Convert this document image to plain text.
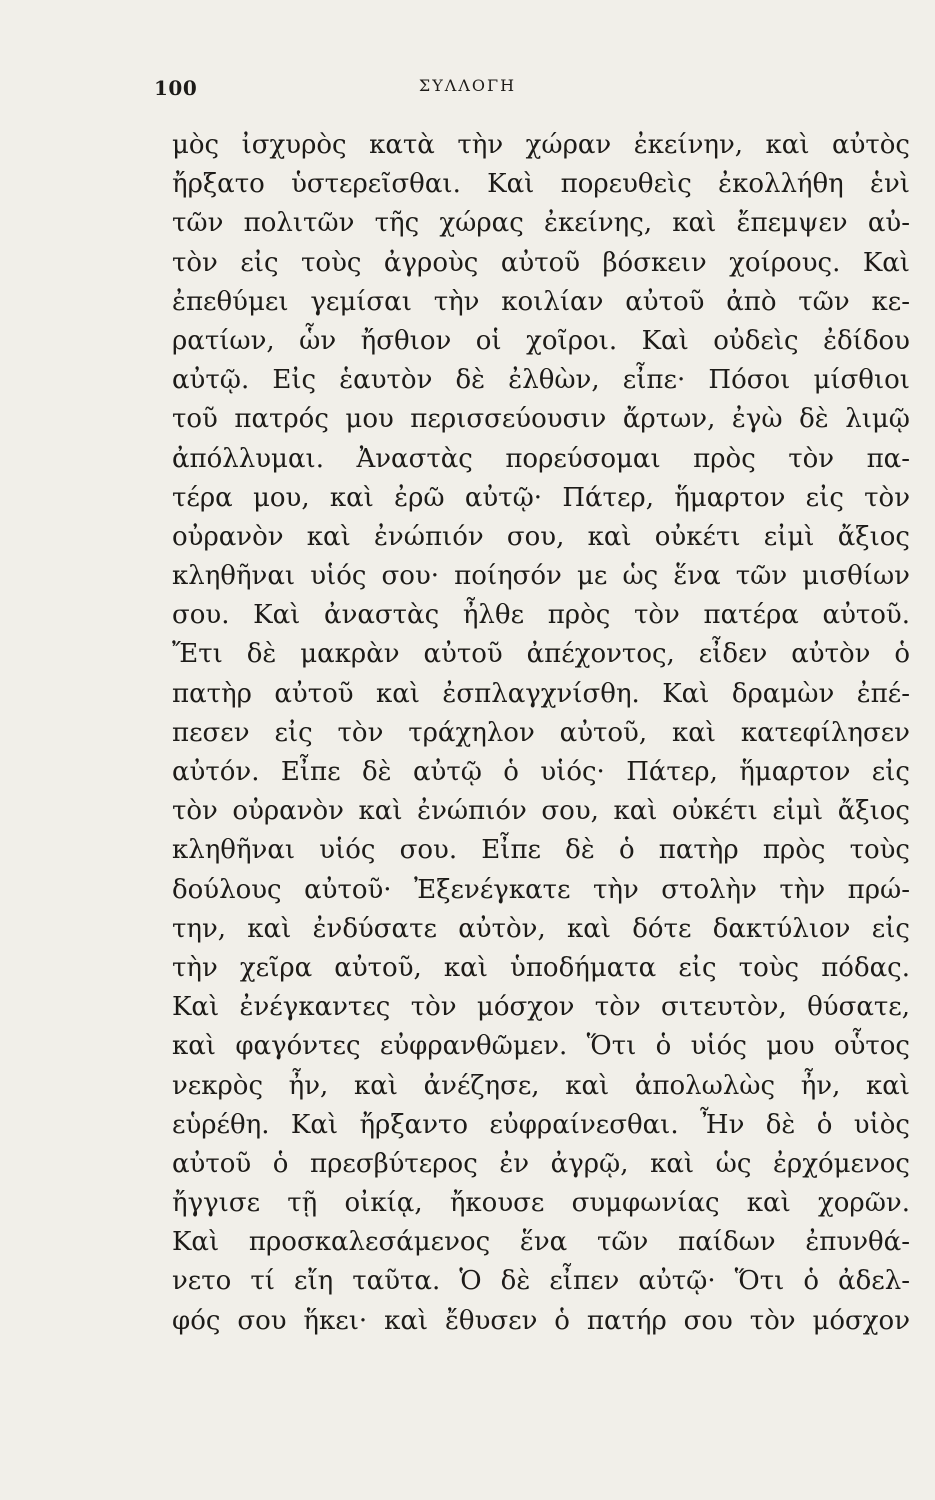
100	ΣΥΛΛΟΓΗ
μὸς ἰσχυρὸς κατὰ τὴν χώραν ἐκείνην, καὶ αὐτὸς
ἤρξατο ὑστερεῖσθαι. Καὶ πορευθεὶς ἐκολλήθη ἑνὶ
τῶν πολιτῶν τῆς χώρας ἐκείνης, καὶ ἔπεμψεν αὐ-
τὸν εἰς τοὺς ἀγροὺς αὐτοῦ βόσκειν χοίρους. Καὶ
ἐπεθύμει γεμίσαι τὴν κοιλίαν αὐτοῦ ἀπὸ τῶν κε-
ρατίων, ὧν ἤσθιον οἱ χοῖροι. Καὶ οὐδεὶς ἐδίδου
αὐτῷ. Εἰς ἑαυτὸν δὲ ἐλθὼν, εἶπε· Πόσοι μίσθιοι
τοῦ πατρός μου περισσεύουσιν ἄρτων, ἐγὼ δὲ λιμῷ
ἀπόλλυμαι. Ἀναστὰς πορεύσομαι πρὸς τὸν πα-
τέρα μου, καὶ ἐρῶ αὐτῷ· Πάτερ, ἥμαρτον εἰς τὸν
οὐρανὸν καὶ ἐνώπιόν σου, καὶ οὐκέτι εἰμὶ ἄξιος
κληθῆναι υἱός σου· ποίησόν με ὡς ἕνα τῶν μισθίων
σου. Καὶ ἀναστὰς ἦλθε πρὸς τὸν πατέρα αὐτοῦ.
Ἔτι δὲ μακρὰν αὐτοῦ ἀπέχοντος, εἶδεν αὐτὸν ὁ
πατὴρ αὐτοῦ καὶ ἐσπλαγχνίσθη. Καὶ δραμὼν ἐπέ-
πεσεν εἰς τὸν τράχηλον αὐτοῦ, καὶ κατεφίλησεν
αὐτόν. Εἶπε δὲ αὐτῷ ὁ υἱός· Πάτερ, ἥμαρτον εἰς
τὸν οὐρανὸν καὶ ἐνώπιόν σου, καὶ οὐκέτι εἰμὶ ἄξιος
κληθῆναι υἱός σου. Εἶπε δὲ ὁ πατὴρ πρὸς τοὺς
δούλους αὐτοῦ· Ἐξενέγκατε τὴν στολὴν τὴν πρώ-
την, καὶ ἐνδύσατε αὐτὸν, καὶ δότε δακτύλιον εἰς
τὴν χεῖρα αὐτοῦ, καὶ ὑποδήματα εἰς τοὺς πόδας.
Καὶ ἐνέγκαντες τὸν μόσχον τὸν σιτευτὸν, θύσατε,
καὶ φαγόντες εὐφρανθῶμεν. Ὅτι ὁ υἱός μου οὗτος
νεκρὸς ἦν, καὶ ἀνέζησε, καὶ ἀπολωλὼς ἦν, καὶ
εὑρέθη. Καὶ ἤρξαντο εὐφραίνεσθαι. Ἦν δὲ ὁ υἱὸς
αὐτοῦ ὁ πρεσβύτερος ἐν ἀγρῷ, καὶ ὡς ἐρχόμενος
ἤγγισε τῇ οἰκίᾳ, ἤκουσε συμφωνίας καὶ χορῶν.
Καὶ προσκαλεσάμενος ἕνα τῶν παίδων ἐπυνθά-
νετο τί εἴη ταῦτα. Ὁ δὲ εἶπεν αὐτῷ· Ὅτι ὁ ἀδελ-
φός σου ἥκει· καὶ ἔθυσεν ὁ πατήρ σου τὸν μόσχον
